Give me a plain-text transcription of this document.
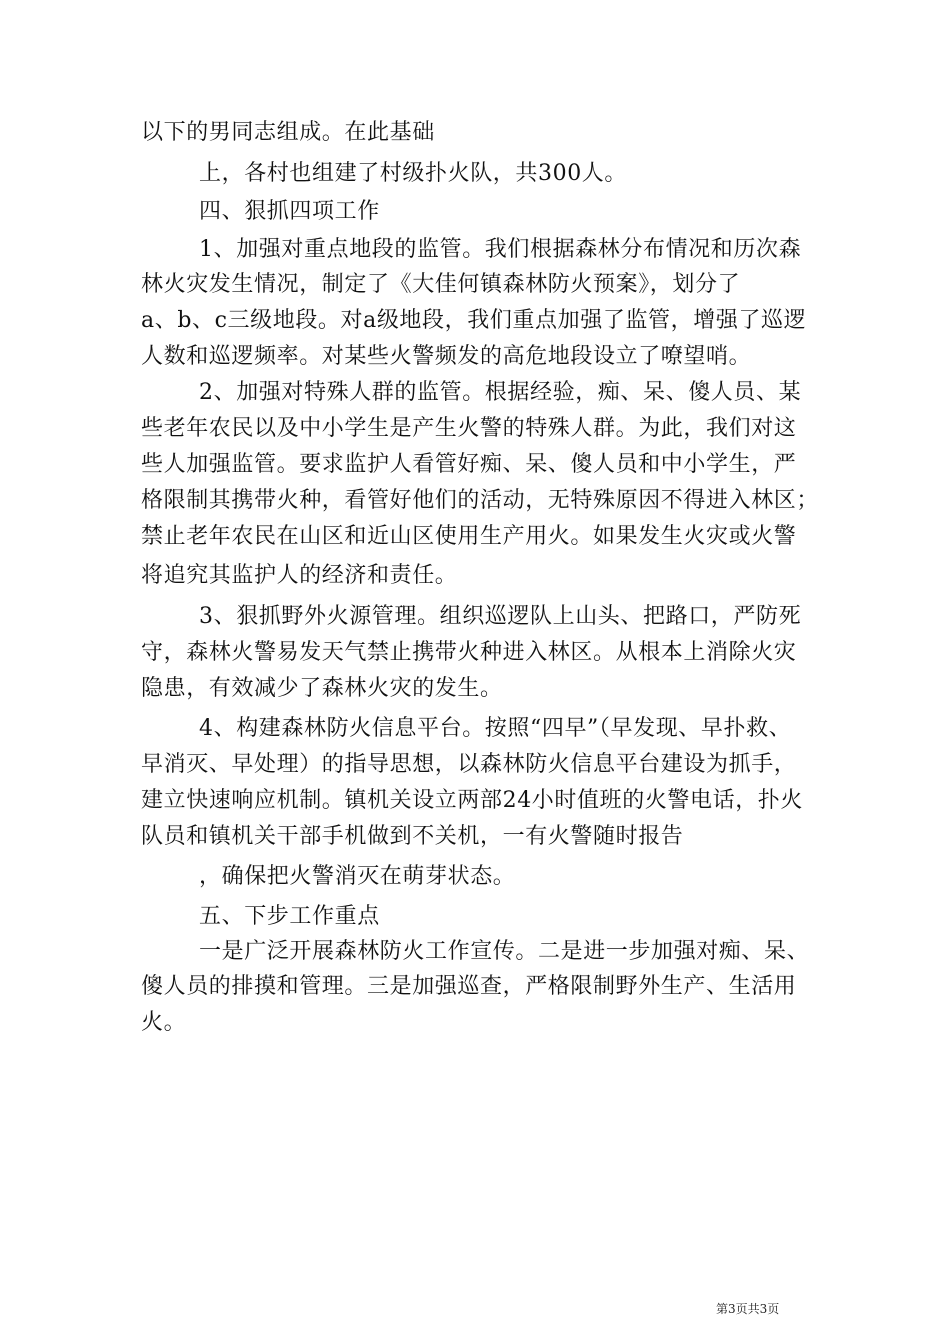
以下的男同志组成。在此基础
上，各村也组建了村级扑火队，共300人。
四、狠抓四项工作
1、加强对重点地段的监管。我们根据森林分布情况和历次森
林火灾发生情况，制定了《大佳何镇森林防火预案》，划分了
a、b、c三级地段。对a级地段，我们重点加强了监管，增强了巡逻
人数和巡逻频率。对某些火警频发的高危地段设立了嘹望哨。
2、加强对特殊人群的监管。根据经验，痴、呆、傻人员、某
些老年农民以及中小学生是产生火警的特殊人群。为此，我们对这
些人加强监管。要求监护人看管好痴、呆、傻人员和中小学生，严
格限制其携带火种，看管好他们的活动，无特殊原因不得进入林区；
禁止老年农民在山区和近山区使用生产用火。如果发生火灾或火警
将追究其监护人的经济和责任。
3、狠抓野外火源管理。组织巡逻队上山头、把路口，严防死
守，森林火警易发天气禁止携带火种进入林区。从根本上消除火灾
隐患，有效减少了森林火灾的发生。
4、构建森林防火信息平台。按照“四早”（早发现、早扑救、
早消灭、早处理）的指导思想，以森林防火信息平台建设为抓手，
建立快速响应机制。镇机关设立两部24小时值班的火警电话，扑火
队员和镇机关干部手机做到不关机，一有火警随时报告
，确保把火警消灭在萌芽状态。
五、下步工作重点
一是广泛开展森林防火工作宣传。二是进一步加强对痴、呆、
傻人员的排摸和管理。三是加强巡查，严格限制野外生产、生活用
火。
第3页共3页
